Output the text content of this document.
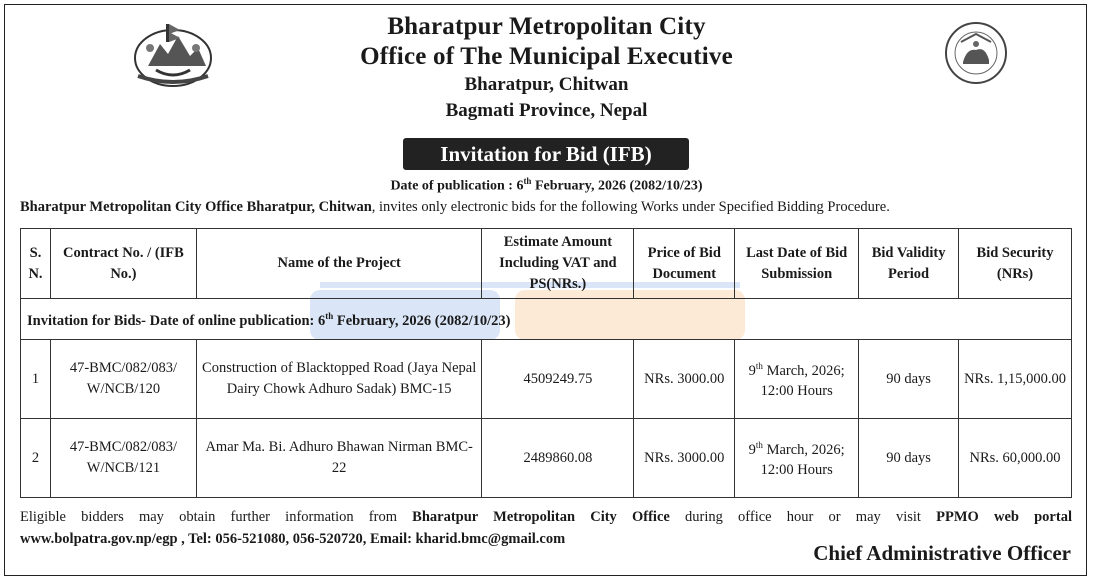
Bharatpur Metropolitan City
Office of The Municipal Executive
Bharatpur, Chitwan
Bagmati Province, Nepal
Invitation for Bid (IFB)
Date of publication : 6th February, 2026 (2082/10/23)
Bharatpur Metropolitan City Office Bharatpur, Chitwan, invites only electronic bids for the following Works under Specified Bidding Procedure.
S. N.	Contract No. / (IFB No.)	Name of the Project	Estimate Amount Including VAT and PS(NRs.)	Price of Bid Document	Last Date of Bid Submission	Bid Validity Period	Bid Security (NRs)
Invitation for Bids- Date of online publication: 6th February, 2026 (2082/10/23)							
1	47-BMC/082/083/ W/NCB/120	Construction of Blacktopped Road (Jaya Nepal Dairy Chowk Adhuro Sadak) BMC-15	4509249.75	NRs. 3000.00	9th March, 2026; 12:00 Hours	90 days	NRs. 1,15,000.00
2	47-BMC/082/083/ W/NCB/121	Amar Ma. Bi. Adhuro Bhawan Nirman BMC-22	2489860.08	NRs. 3000.00	9th March, 2026; 12:00 Hours	90 days	NRs. 60,000.00
Eligible bidders may obtain further information from Bharatpur Metropolitan City Office during office hour or may visit PPMO web portal
www.bolpatra.gov.np/egp , Tel: 056-521080, 056-520720, Email: kharid.bmc@gmail.com
Chief Administrative Officer
